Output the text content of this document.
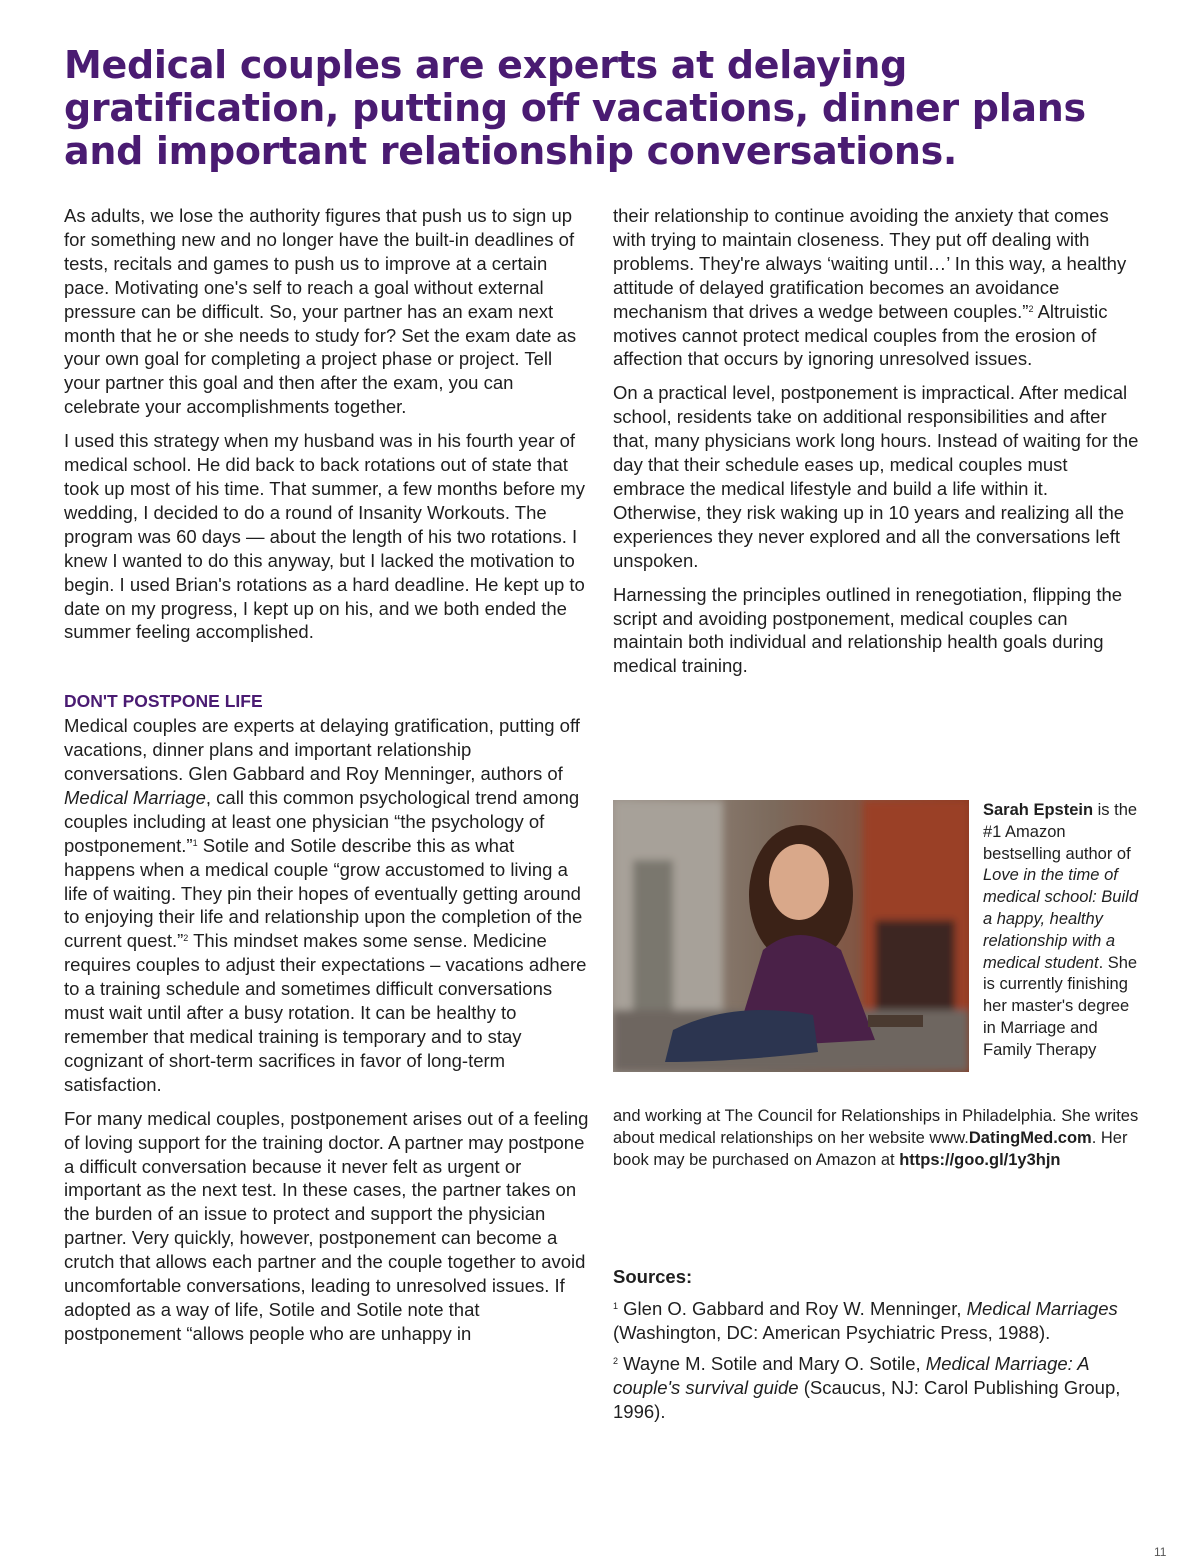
Medical couples are experts at delaying gratification, putting off vacations, dinner plans and important relationship conversations.

As adults, we lose the authority figures that push us to sign up for something new and no longer have the built-in deadlines of tests, recitals and games to push us to improve at a certain pace. Motivating one's self to reach a goal without external pressure can be difficult. So, your partner has an exam next month that he or she needs to study for? Set the exam date as your own goal for completing a project phase or project. Tell your partner this goal and then after the exam, you can celebrate your accomplishments together.

I used this strategy when my husband was in his fourth year of medical school. He did back to back rotations out of state that took up most of his time. That summer, a few months before my wedding, I decided to do a round of Insanity Workouts. The program was 60 days — about the length of his two rotations. I knew I wanted to do this anyway, but I lacked the motivation to begin. I used Brian's rotations as a hard deadline. He kept up to date on my progress, I kept up on his, and we both ended the summer feeling accomplished.

DON'T POSTPONE LIFE

Medical couples are experts at delaying gratification, putting off vacations, dinner plans and important relationship conversations. Glen Gabbard and Roy Menninger, authors of Medical Marriage, call this common psychological trend among couples including at least one physician “the psychology of postponement.”$^1$ Sotile and Sotile describe this as what happens when a medical couple “grow accustomed to living a life of waiting. They pin their hopes of eventually getting around to enjoying their life and relationship upon the completion of the current quest.”$^2$ This mindset makes some sense. Medicine requires couples to adjust their expectations – vacations adhere to a training schedule and sometimes difficult conversations must wait until after a busy rotation. It can be healthy to remember that medical training is temporary and to stay cognizant of short-term sacrifices in favor of long-term satisfaction.

For many medical couples, postponement arises out of a feeling of loving support for the training doctor. A partner may postpone a difficult conversation because it never felt as urgent or important as the next test. In these cases, the partner takes on the burden of an issue to protect and support the physician partner. Very quickly, however, postponement can become a crutch that allows each partner and the couple together to avoid uncomfortable conversations, leading to unresolved issues. If adopted as a way of life, Sotile and Sotile note that postponement “allows people who are unhappy in

their relationship to continue avoiding the anxiety that comes with trying to maintain closeness. They put off dealing with problems. They're always ‘waiting until…’ In this way, a healthy attitude of delayed gratification becomes an avoidance mechanism that drives a wedge between couples.”$^2$ Altruistic motives cannot protect medical couples from the erosion of affection that occurs by ignoring unresolved issues.

On a practical level, postponement is impractical. After medical school, residents take on additional responsibilities and after that, many physicians work long hours. Instead of waiting for the day that their schedule eases up, medical couples must embrace the medical lifestyle and build a life within it. Otherwise, they risk waking up in 10 years and realizing all the experiences they never explored and all the conversations left unspoken.

Harnessing the principles outlined in renegotiation, flipping the script and avoiding postponement, medical couples can maintain both individual and relationship health goals during medical training.

Sarah Epstein is the #1 Amazon bestselling author of Love in the time of medical school: Build a happy, healthy relationship with a medical student. She is currently finishing her master's degree in Marriage and Family Therapy
and working at The Council for Relationships in Philadelphia. She writes about medical relationships on her website www.DatingMed.com. Her book may be purchased on Amazon at https://goo.gl/1y3hjn
Sources:

$^1$ Glen O. Gabbard and Roy W. Menninger, Medical Marriages (Washington, DC: American Psychiatric Press, 1988).

$^2$ Wayne M. Sotile and Mary O. Sotile, Medical Marriage: A couple's survival guide (Scaucus, NJ: Carol Publishing Group, 1996).

11
